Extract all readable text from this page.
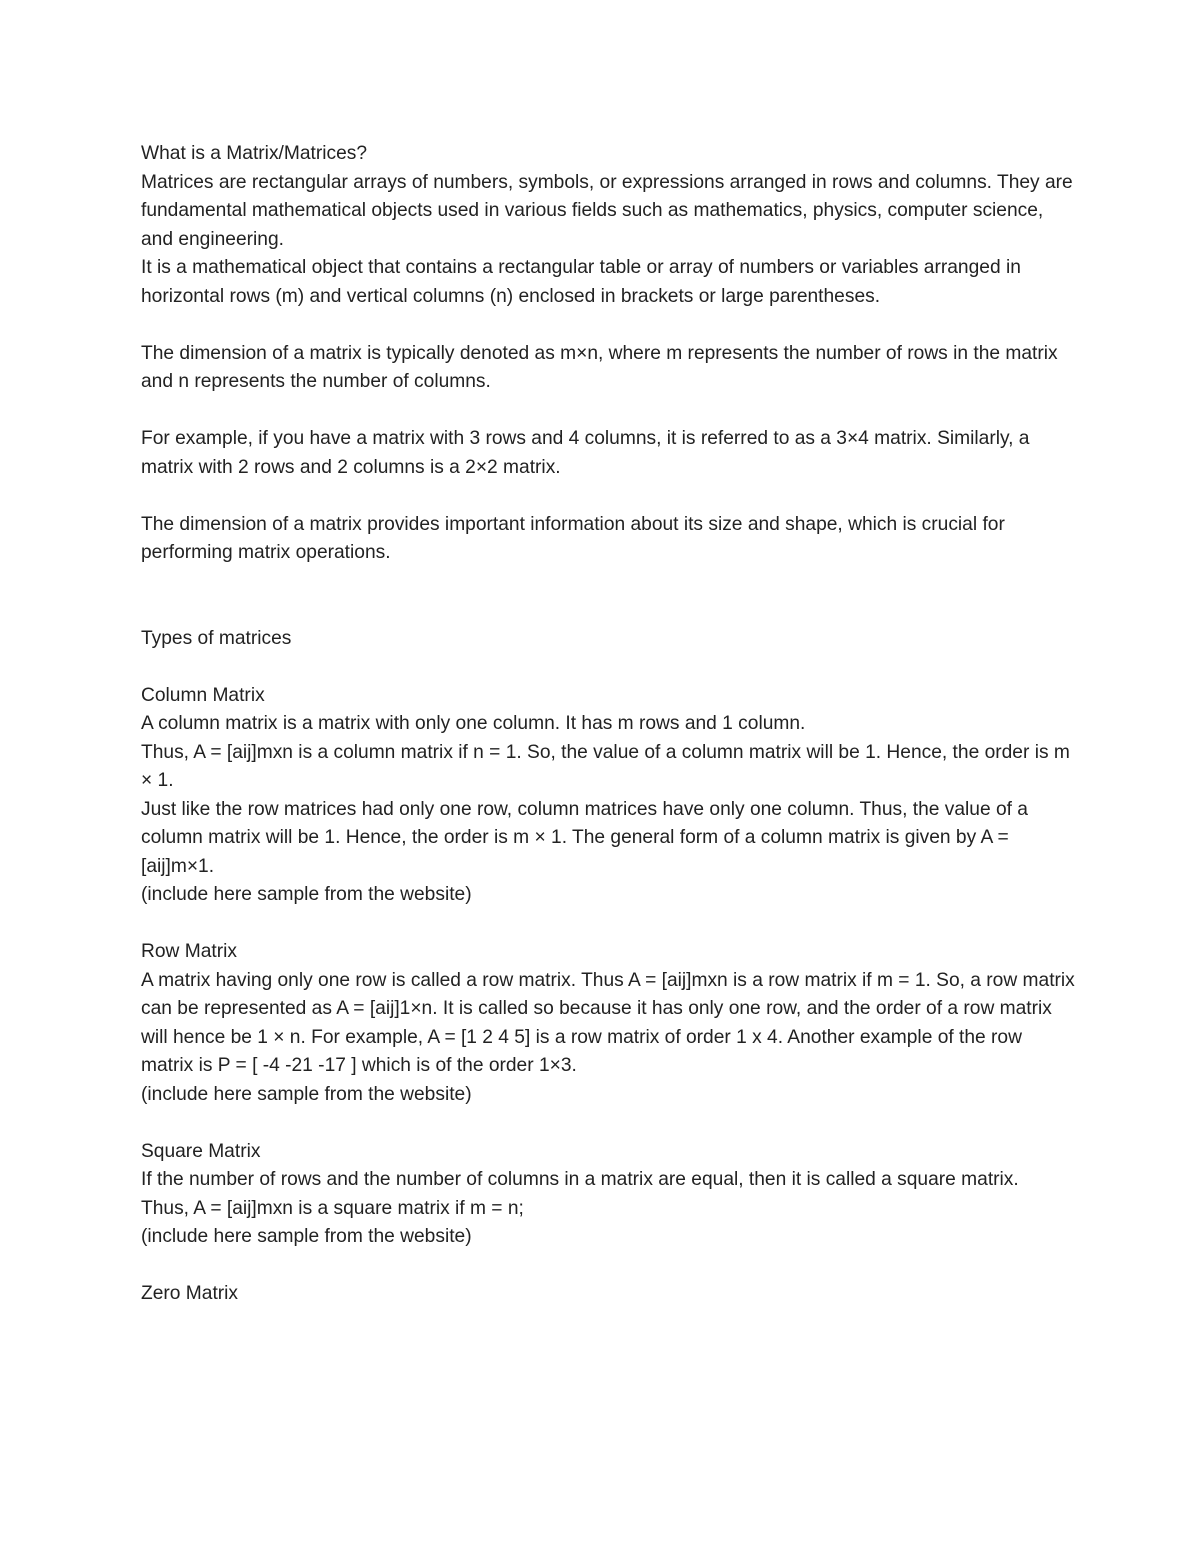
What is a Matrix/Matrices?

Matrices are rectangular arrays of numbers, symbols, or expressions arranged in rows and columns. They are fundamental mathematical objects used in various fields such as mathematics, physics, computer science, and engineering.

It is a mathematical object that contains a rectangular table or array of numbers or variables arranged in horizontal rows (m) and vertical columns (n) enclosed in brackets or large parentheses.

The dimension of a matrix is typically denoted as m×n, where m represents the number of rows in the matrix and n represents the number of columns.

For example, if you have a matrix with 3 rows and 4 columns, it is referred to as a 3×4 matrix. Similarly, a matrix with 2 rows and 2 columns is a 2×2 matrix.

The dimension of a matrix provides important information about its size and shape, which is crucial for performing matrix operations.

Types of matrices

Column Matrix

A column matrix is a matrix with only one column. It has m rows and 1 column.

Thus, A = [aij]mxn is a column matrix if n = 1. So, the value of a column matrix will be 1. Hence, the order is m × 1.

Just like the row matrices had only one row, column matrices have only one column. Thus, the value of a column matrix will be 1. Hence, the order is m × 1. The general form of a column matrix is given by A = [aij]m×1.

(include here sample from the website)

Row Matrix

A matrix having only one row is called a row matrix. Thus A = [aij]mxn is a row matrix if m = 1. So, a row matrix can be represented as A = [aij]1×n. It is called so because it has only one row, and the order of a row matrix will hence be 1 × n. For example, A = [1 2 4 5] is a row matrix of order 1 x 4. Another example of the row matrix is P = [ -4 -21 -17 ] which is of the order 1×3.

(include here sample from the website)

Square Matrix

If the number of rows and the number of columns in a matrix are equal, then it is called a square matrix.

Thus, A = [aij]mxn is a square matrix if m = n;

(include here sample from the website)

Zero Matrix
